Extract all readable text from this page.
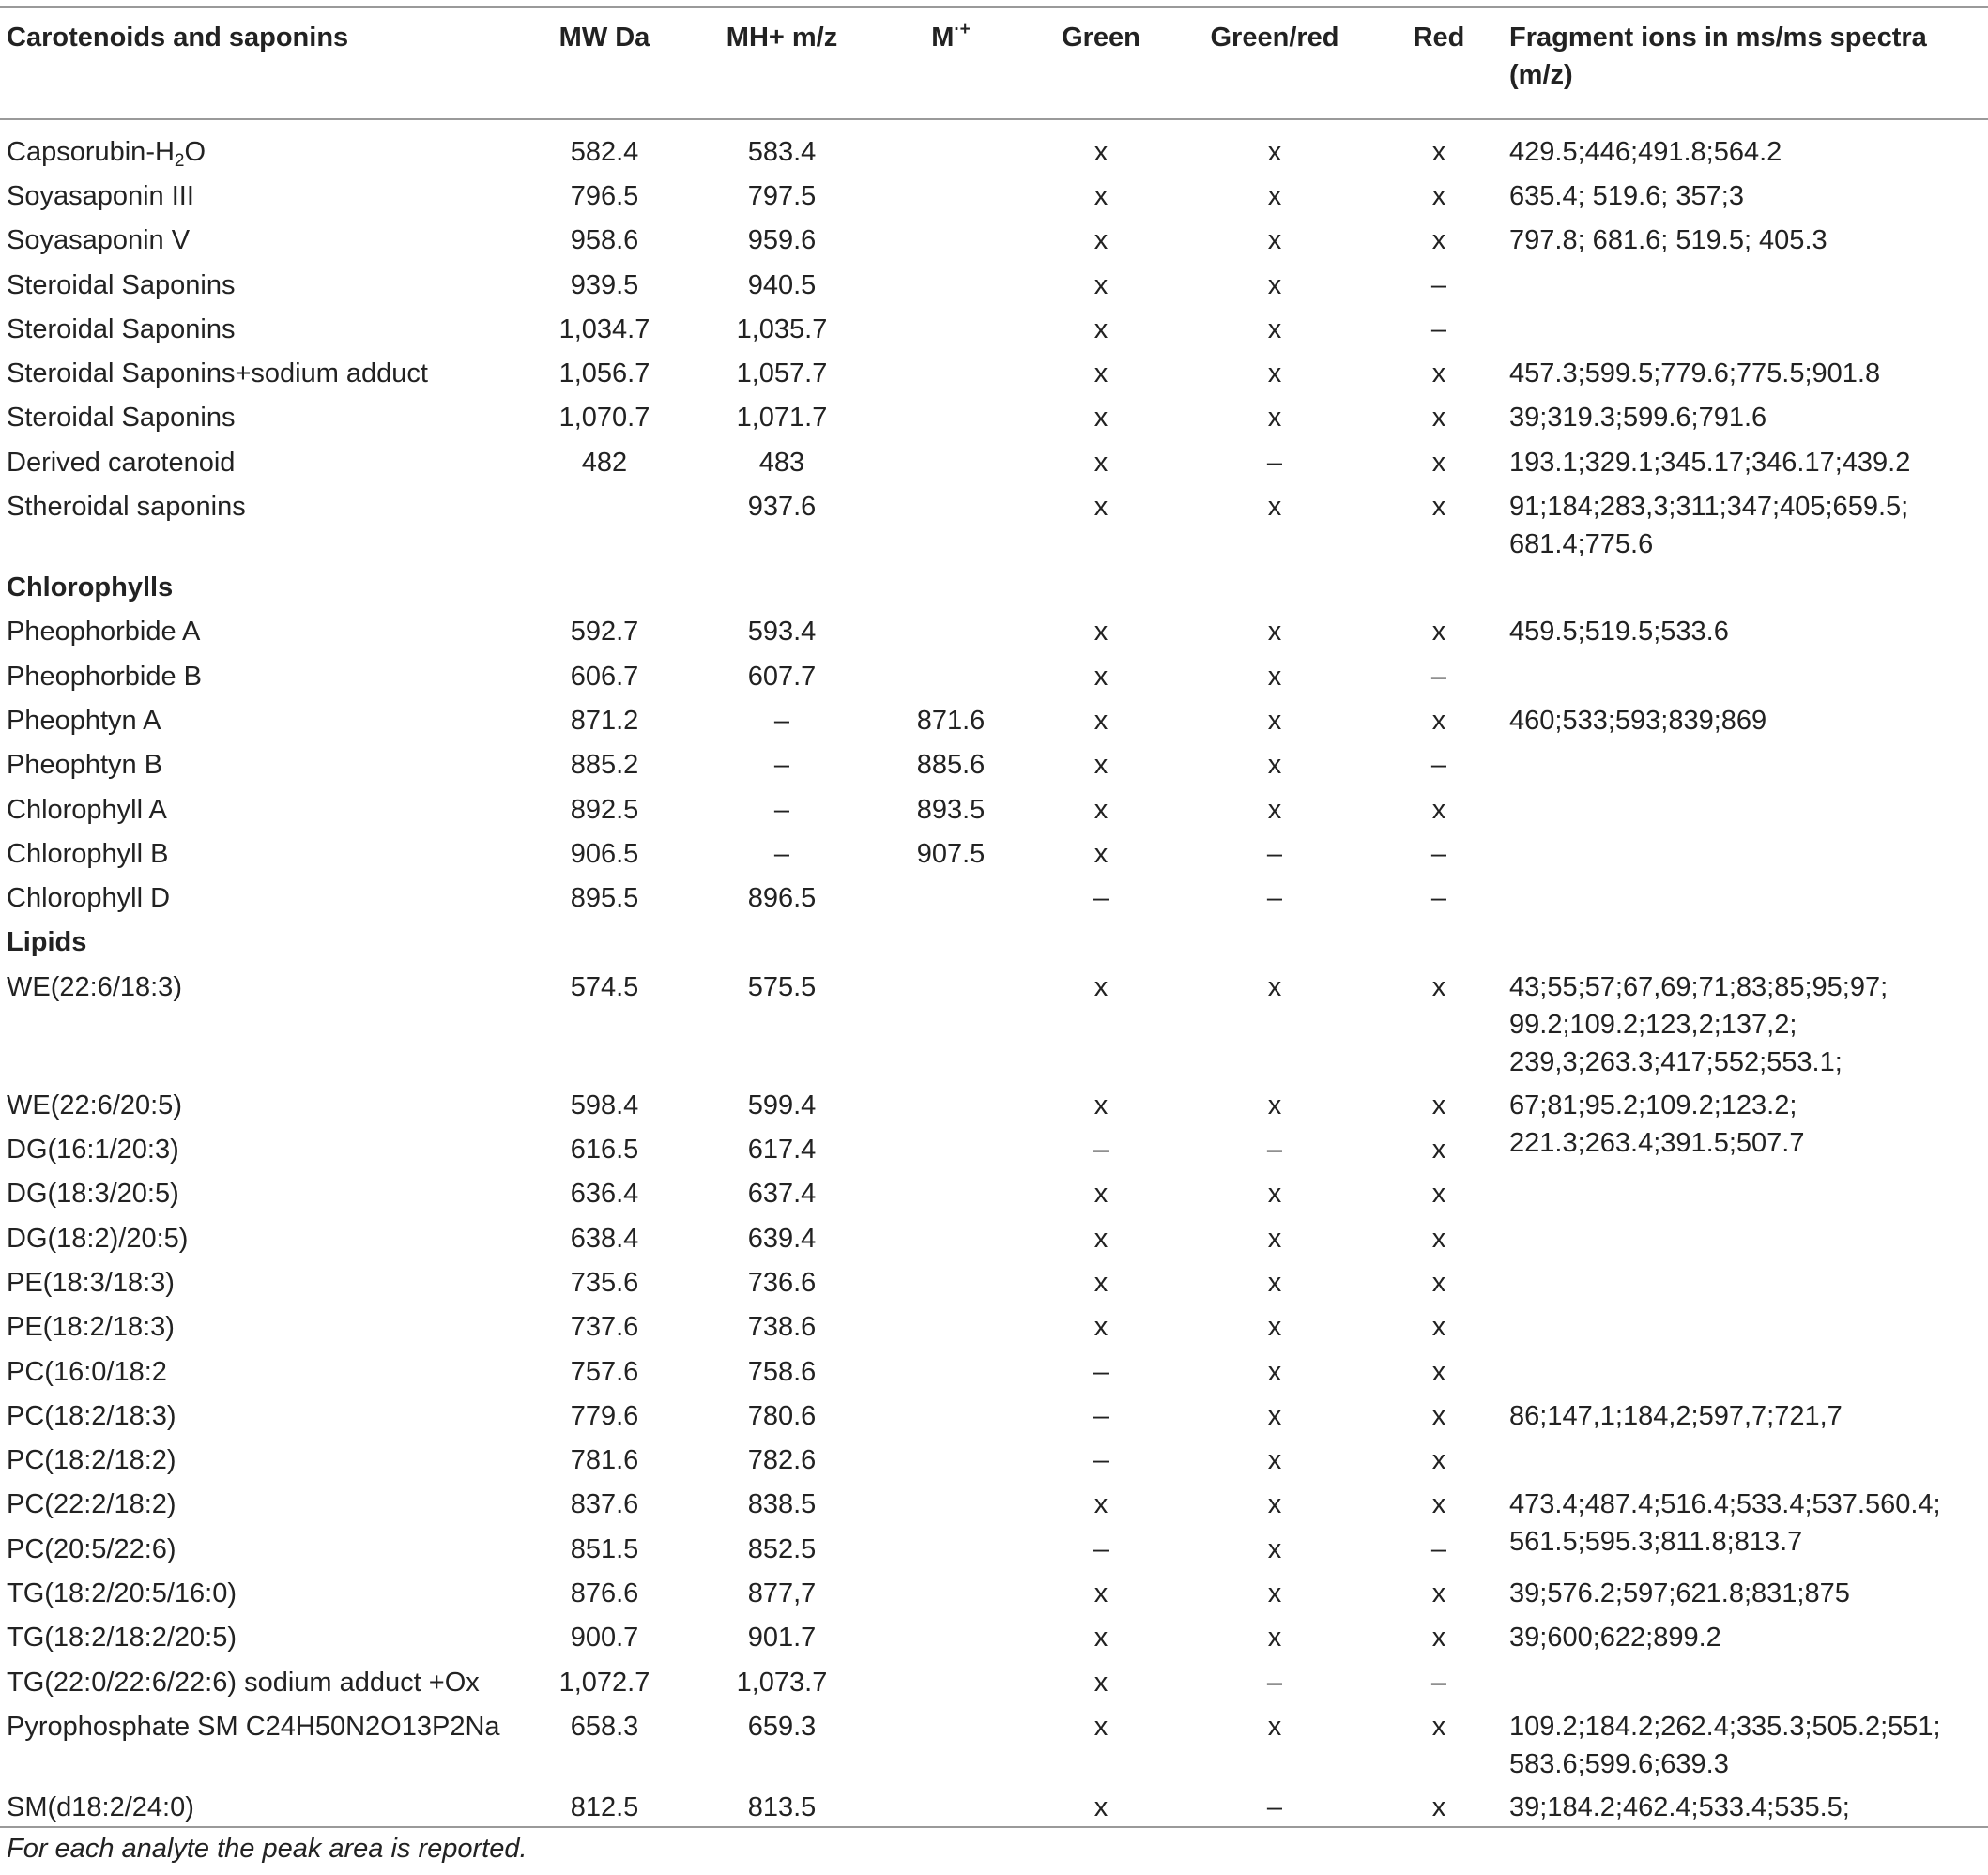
Carotenoids and saponins	MW Da	MH+ m/z	M·+	Green	Green/red	Red	Fragment ions in ms/ms spectra (m/z)
Capsorubin-$H_2O$	582.4	583.4		x	x	x	429.5;446;491.8;564.2
Soyasaponin III	796.5	797.5		x	x	x	635.4; 519.6; 357;3
Soyasaponin V	958.6	959.6		x	x	x	797.8; 681.6; 519.5; 405.3
Steroidal Saponins	939.5	940.5		x	x	–	
Steroidal Saponins	1,034.7	1,035.7		x	x	–	
Steroidal Saponins+sodium adduct	1,056.7	1,057.7		x	x	x	457.3;599.5;779.6;775.5;901.8
Steroidal Saponins	1,070.7	1,071.7		x	x	x	39;319.3;599.6;791.6
Derived carotenoid	482	483		x	–	x	193.1;329.1;345.17;346.17;439.2
Stheroidal saponins		937.6		x	x	x	91;184;283,3;311;347;405;659.5;
681.4;775.6
Chlorophylls							
Pheophorbide A	592.7	593.4		x	x	x	459.5;519.5;533.6
Pheophorbide B	606.7	607.7		x	x	–	
Pheophtyn A	871.2	–	871.6	x	x	x	460;533;593;839;869
Pheophtyn B	885.2	–	885.6	x	x	–	
Chlorophyll A	892.5	–	893.5	x	x	x	
Chlorophyll B	906.5	–	907.5	x	–	–	
Chlorophyll D	895.5	896.5		–	–	–	
Lipids							
WE(22:6/18:3)	574.5	575.5		x	x	x	43;55;57;67,69;71;83;85;95;97;
99.2;109.2;123,2;137,2;
239,3;263.3;417;552;553.1;
WE(22:6/20:5)	598.4	599.4		x	x	x	67;81;95.2;109.2;123.2;
221.3;263.4;391.5;507.7
DG(16:1/20:3)	616.5	617.4		–	–	x	
DG(18:3/20:5)	636.4	637.4		x	x	x	
DG(18:2)/20:5)	638.4	639.4		x	x	x	
PE(18:3/18:3)	735.6	736.6		x	x	x	
PE(18:2/18:3)	737.6	738.6		x	x	x	
PC(16:0/18:2	757.6	758.6		–	x	x	
PC(18:2/18:3)	779.6	780.6		–	x	x	86;147,1;184,2;597,7;721,7
PC(18:2/18:2)	781.6	782.6		–	x	x	
PC(22:2/18:2)	837.6	838.5		x	x	x	473.4;487.4;516.4;533.4;537.560.4;
561.5;595.3;811.8;813.7
PC(20:5/22:6)	851.5	852.5		–	x	–	
TG(18:2/20:5/16:0)	876.6	877,7		x	x	x	39;576.2;597;621.8;831;875
TG(18:2/18:2/20:5)	900.7	901.7		x	x	x	39;600;622;899.2
TG(22:0/22:6/22:6) sodium adduct +Ox	1,072.7	1,073.7		x	–	–	
Pyrophosphate SM C24H50N2O13P2Na	658.3	659.3		x	x	x	109.2;184.2;262.4;335.3;505.2;551;
583.6;599.6;639.3
SM(d18:2/24:0)	812.5	813.5		x	–	x	39;184.2;462.4;533.4;535.5;
For each analyte the peak area is reported.
